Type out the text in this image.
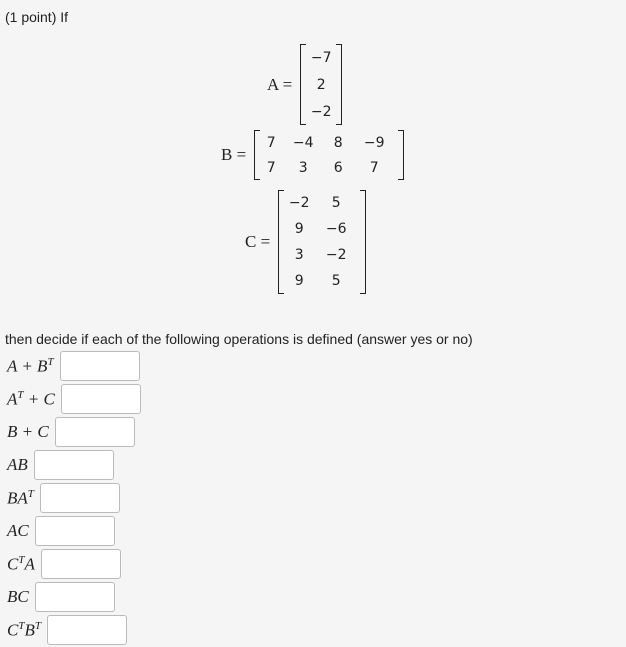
(1 point) If
A =
−7
2
−2
B =
7	−4	8	−9
7	3	6	7
C =
−2	5
9	−6
3	−2
9	5
then decide if each of the following operations is defined (answer yes or no)
$A + B^T$
$A^T + C$
B + C
AB
$BA^T$
AC
$C^TA$
BC
$C^TB^T$
